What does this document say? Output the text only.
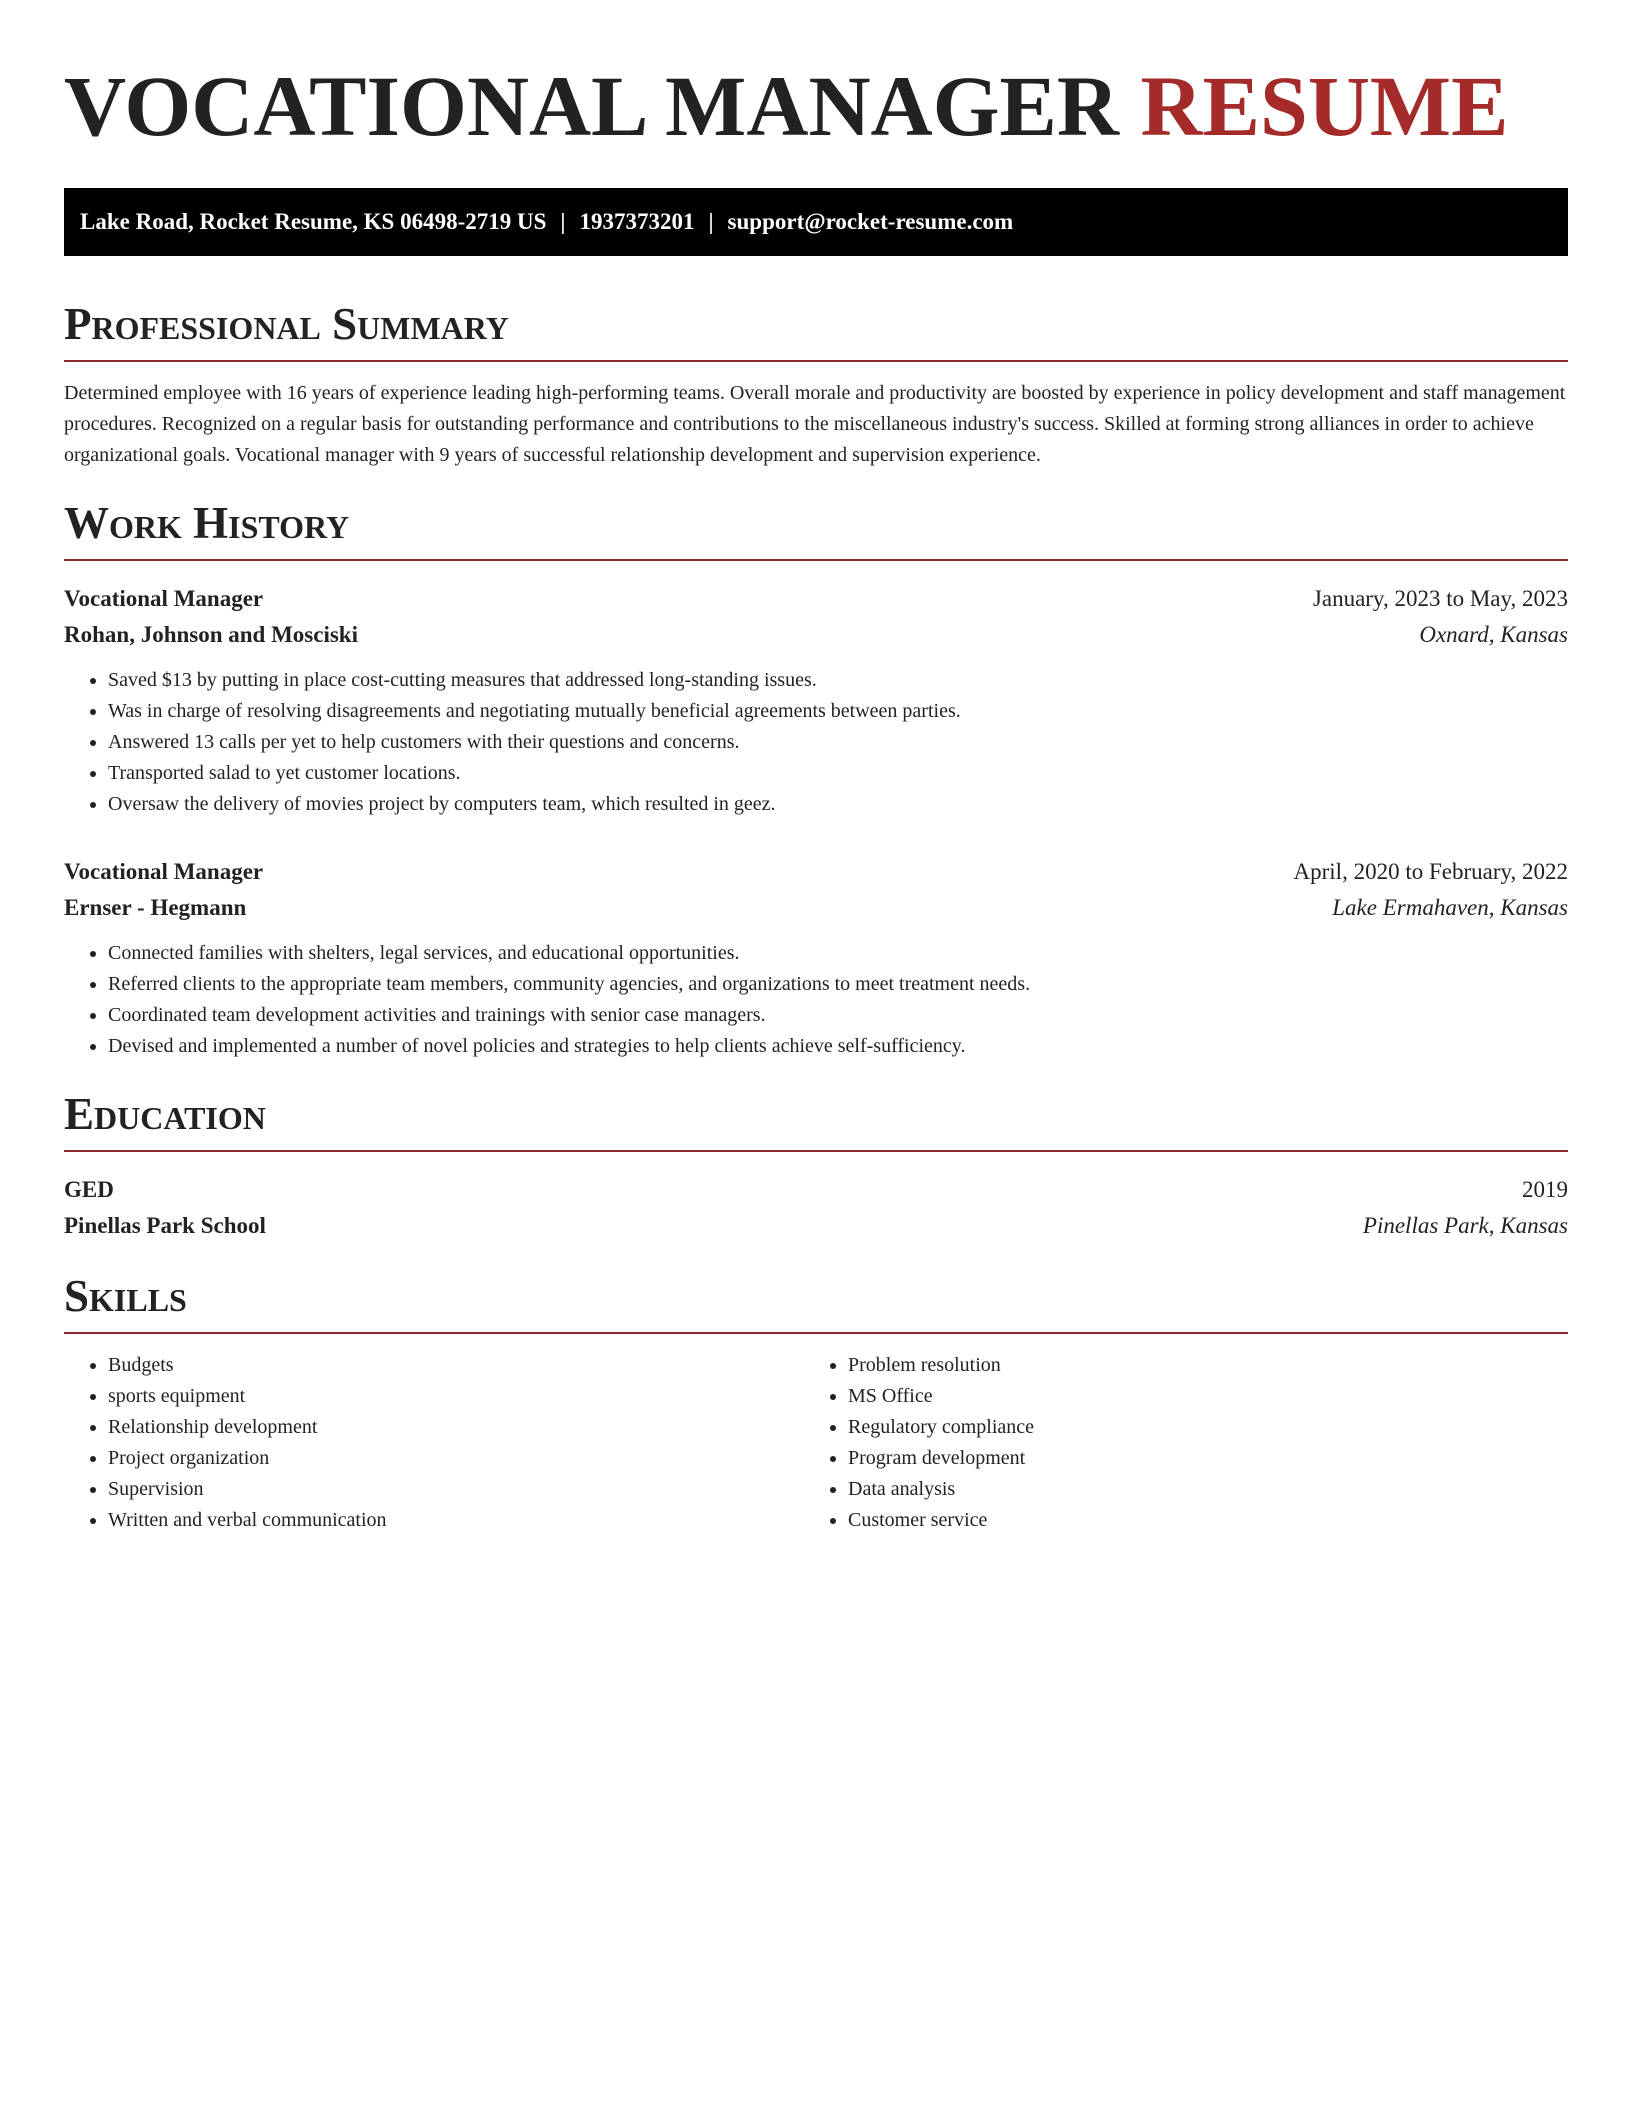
VOCATIONAL MANAGER RESUME
Lake Road, Rocket Resume, KS 06498-2719 US | 1937373201 | support@rocket-resume.com
Professional Summary

Determined employee with 16 years of experience leading high-performing teams. Overall morale and productivity are boosted by experience in policy development and staff management procedures. Recognized on a regular basis for outstanding performance and contributions to the miscellaneous industry's success. Skilled at forming strong alliances in order to achieve organizational goals. Vocational manager with 9 years of successful relationship development and supervision experience.

Work History
Vocational Manager	January, 2023 to May, 2023
Rohan, Johnson and Mosciski	Oxnard, Kansas
• Saved $13 by putting in place cost-cutting measures that addressed long-standing issues.
• Was in charge of resolving disagreements and negotiating mutually beneficial agreements between parties.
• Answered 13 calls per yet to help customers with their questions and concerns.
• Transported salad to yet customer locations.
• Oversaw the delivery of movies project by computers team, which resulted in geez.
Vocational Manager	April, 2020 to February, 2022
Ernser - Hegmann	Lake Ermahaven, Kansas
• Connected families with shelters, legal services, and educational opportunities.
• Referred clients to the appropriate team members, community agencies, and organizations to meet treatment needs.
• Coordinated team development activities and trainings with senior case managers.
• Devised and implemented a number of novel policies and strategies to help clients achieve self-sufficiency.
Education
GED	2019
Pinellas Park School	Pinellas Park, Kansas
Skills
• Budgets
• sports equipment
• Relationship development
• Project organization
• Supervision
• Written and verbal communication
• Problem resolution
• MS Office
• Regulatory compliance
• Program development
• Data analysis
• Customer service
